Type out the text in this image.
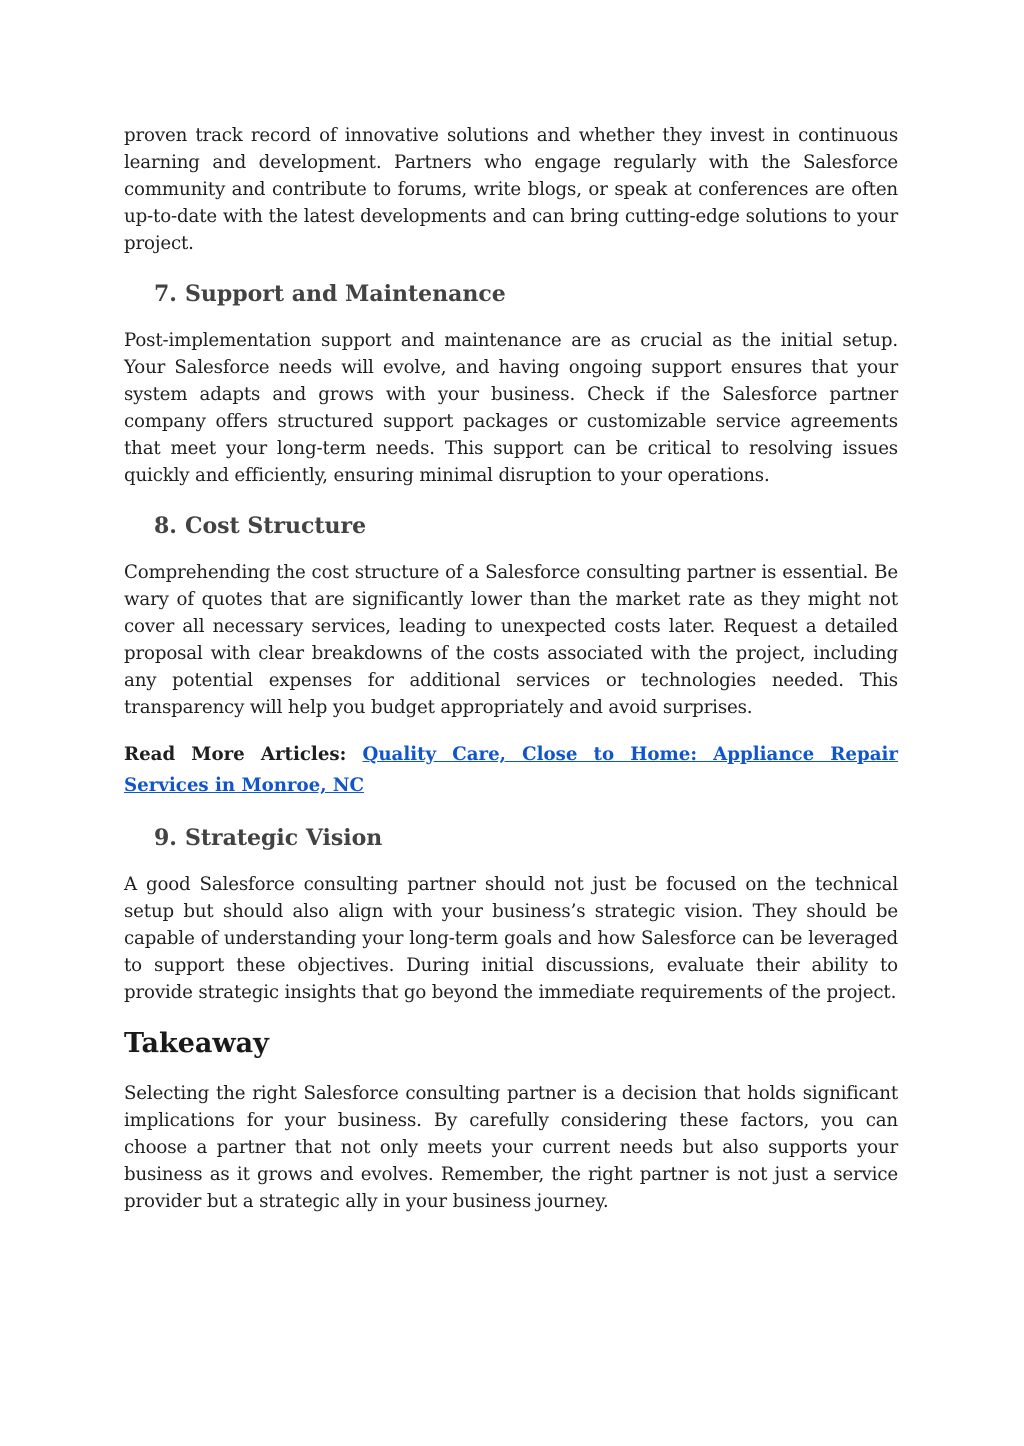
proven track record of innovative solutions and whether they invest in continuous learning and development. Partners who engage regularly with the Salesforce community and contribute to forums, write blogs, or speak at conferences are often up-to-date with the latest developments and can bring cutting-edge solutions to your project.

7. Support and Maintenance

Post-implementation support and maintenance are as crucial as the initial setup. Your Salesforce needs will evolve, and having ongoing support ensures that your system adapts and grows with your business. Check if the Salesforce partner company offers structured support packages or customizable service agreements that meet your long-term needs. This support can be critical to resolving issues quickly and efficiently, ensuring minimal disruption to your operations.

8. Cost Structure

Comprehending the cost structure of a Salesforce consulting partner is essential. Be wary of quotes that are significantly lower than the market rate as they might not cover all necessary services, leading to unexpected costs later. Request a detailed proposal with clear breakdowns of the costs associated with the project, including any potential expenses for additional services or technologies needed. This transparency will help you budget appropriately and avoid surprises.

Read More Articles: Quality Care, Close to Home: Appliance Repair Services in Monroe, NC

9. Strategic Vision

A good Salesforce consulting partner should not just be focused on the technical setup but should also align with your business’s strategic vision. They should be capable of understanding your long-term goals and how Salesforce can be leveraged to support these objectives. During initial discussions, evaluate their ability to provide strategic insights that go beyond the immediate requirements of the project.

Takeaway

Selecting the right Salesforce consulting partner is a decision that holds significant implications for your business. By carefully considering these factors, you can choose a partner that not only meets your current needs but also supports your business as it grows and evolves. Remember, the right partner is not just a service provider but a strategic ally in your business journey.
